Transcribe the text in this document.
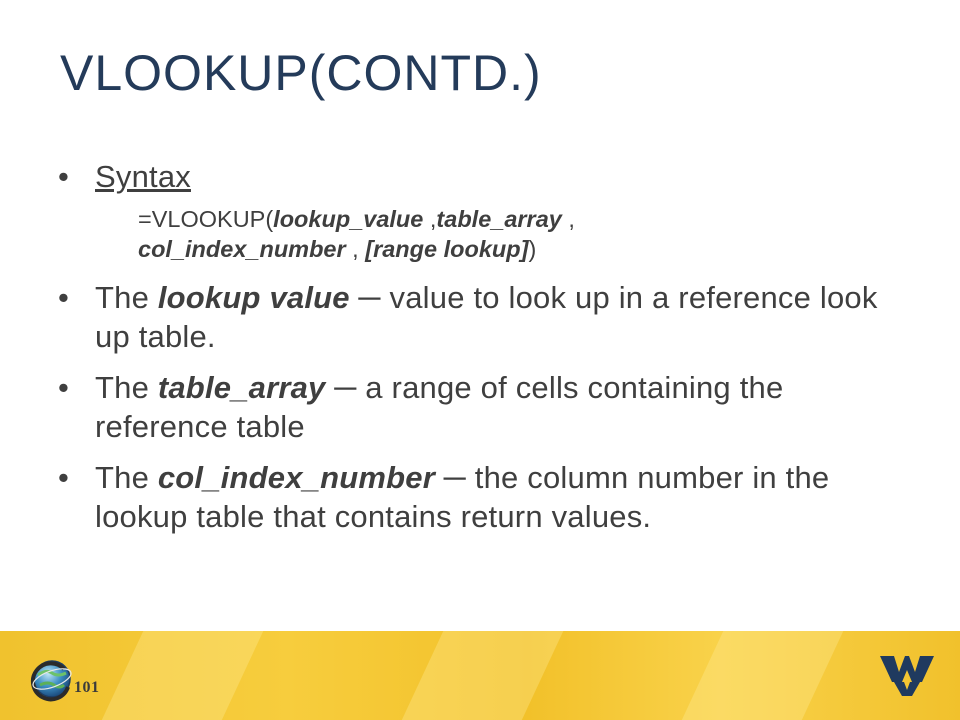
VLOOKUP(CONTD.)
• Syntax
=VLOOKUP(lookup_value ,table_array ,
col_index_number , [range lookup])
• The lookup value ─ value to look up in a reference look up table.
• The table_array ─ a range of cells containing the reference table
• The col_index_number ─ the column number in the lookup table that contains return values.
101
